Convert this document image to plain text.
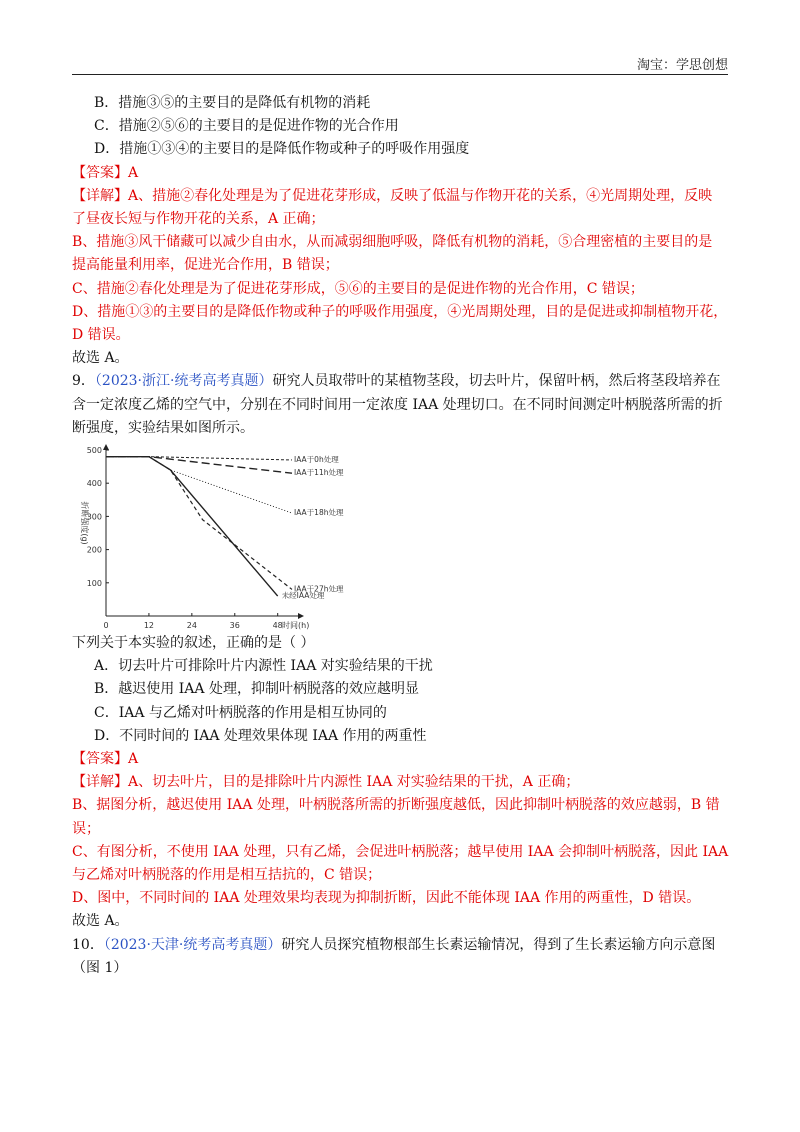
淘宝：学思创想
B．措施③⑤的主要目的是降低有机物的消耗
C．措施②⑤⑥的主要目的是促进作物的光合作用
D．措施①③④的主要目的是降低作物或种子的呼吸作用强度
【答案】A
【详解】A、措施②春化处理是为了促进花芽形成，反映了低温与作物开花的关系，④光周期处理，反映
了昼夜长短与作物开花的关系，A 正确；
B、措施③风干储藏可以减少自由水，从而减弱细胞呼吸，降低有机物的消耗，⑤合理密植的主要目的是
提高能量利用率，促进光合作用，B 错误；
C、措施②春化处理是为了促进花芽形成，⑤⑥的主要目的是促进作物的光合作用，C 错误；
D、措施①③的主要目的是降低作物或种子的呼吸作用强度，④光周期处理，目的是促进或抑制植物开花，
D 错误。
故选 A。
9．（2023·浙江·统考高考真题）研究人员取带叶的某植物茎段，切去叶片，保留叶柄，然后将茎段培养在
含一定浓度乙烯的空气中，分别在不同时间用一定浓度 IAA 处理切口。在不同时间测定叶柄脱落所需的折
断强度，实验结果如图所示。
0	12	24	36	48
100
200
300
400
500
时间(h)
折断强度(g)
IAA于0h处理
IAA于11h处理
IAA于18h处理
IAA于27h处理
未经IAA处理
下列关于本实验的叙述，正确的是（ ）
A．切去叶片可排除叶片内源性 IAA 对实验结果的干扰
B．越迟使用 IAA 处理，抑制叶柄脱落的效应越明显
C．IAA 与乙烯对叶柄脱落的作用是相互协同的
D．不同时间的 IAA 处理效果体现 IAA 作用的两重性
【答案】A
【详解】A、切去叶片，目的是排除叶片内源性 IAA 对实验结果的干扰，A 正确；
B、据图分析，越迟使用 IAA 处理，叶柄脱落所需的折断强度越低，因此抑制叶柄脱落的效应越弱，B 错
误；
C、有图分析，不使用 IAA 处理，只有乙烯，会促进叶柄脱落；越早使用 IAA 会抑制叶柄脱落，因此 IAA
与乙烯对叶柄脱落的作用是相互拮抗的，C 错误；
D、图中，不同时间的 IAA 处理效果均表现为抑制折断，因此不能体现 IAA 作用的两重性，D 错误。
故选 A。
10．（2023·天津·统考高考真题）研究人员探究植物根部生长素运输情况，得到了生长素运输方向示意图
（图 1）
